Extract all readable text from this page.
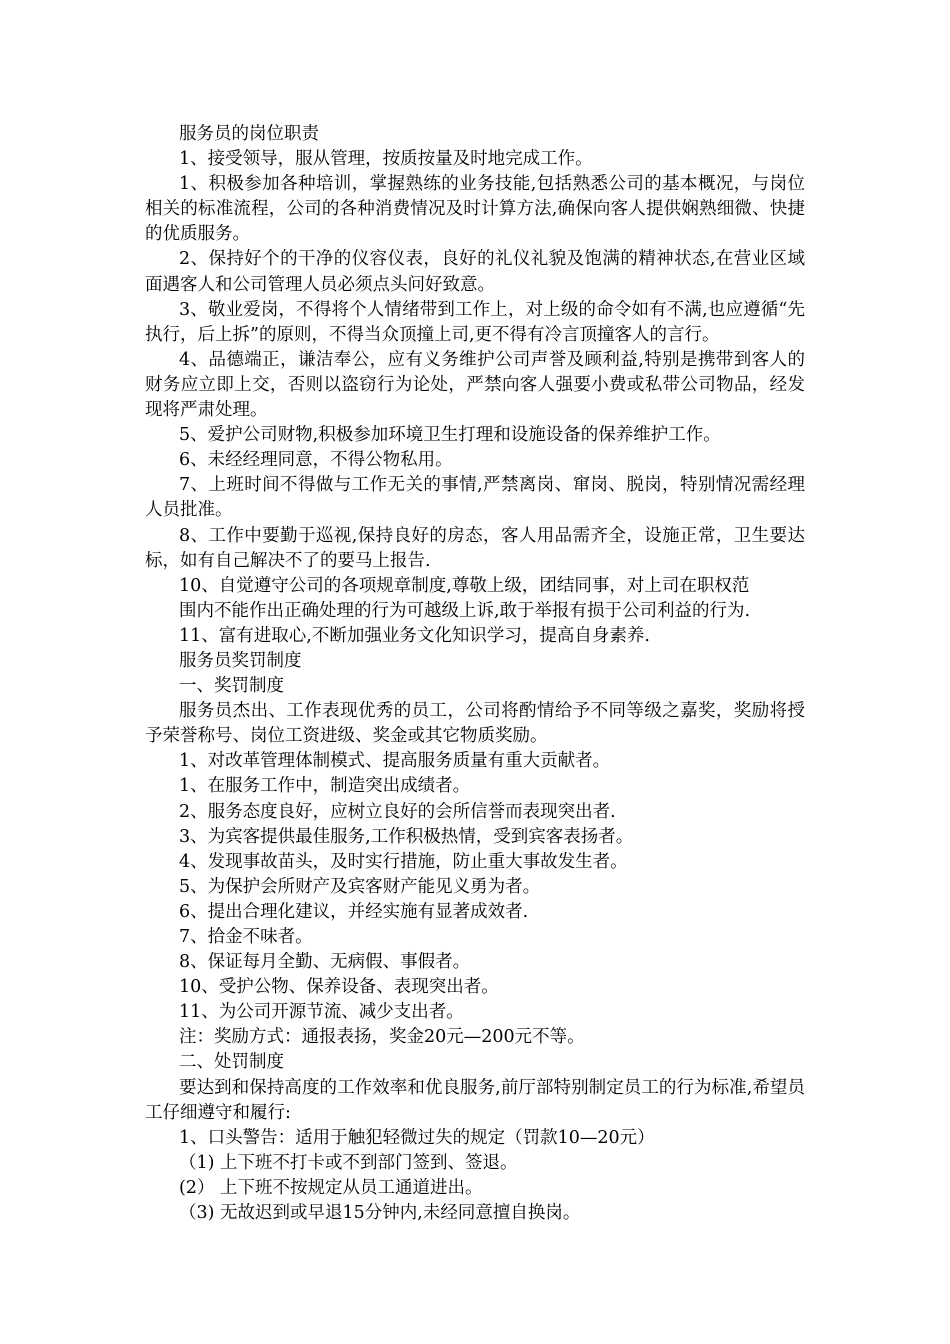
服务员的岗位职责

1、接受领导，服从管理，按质按量及时地完成工作。

1、积极参加各种培训，掌握熟练的业务技能,包括熟悉公司的基本概况，与岗位相关的标准流程，公司的各种消费情况及时计算方法,确保向客人提供娴熟细微、快捷的优质服务。

2、保持好个的干净的仪容仪表，良好的礼仪礼貌及饱满的精神状态,在营业区域面遇客人和公司管理人员必须点头问好致意。

3、敬业爱岗，不得将个人情绪带到工作上，对上级的命令如有不满,也应遵循“先执行，后上拆”的原则，不得当众顶撞上司,更不得有冷言顶撞客人的言行。

4、品德端正，谦洁奉公，应有义务维护公司声誉及顾利益,特别是携带到客人的财务应立即上交，否则以盗窃行为论处，严禁向客人强要小费或私带公司物品，经发现将严肃处理。

5、爱护公司财物,积极参加环境卫生打理和设施设备的保养维护工作。

6、未经经理同意，不得公物私用。

7、上班时间不得做与工作无关的事情,严禁离岗、窜岗、脱岗，特别情况需经理人员批准。

8、工作中要勤于巡视,保持良好的房态，客人用品需齐全，设施正常，卫生要达标，如有自己解决不了的要马上报告.

10、自觉遵守公司的各项规章制度,尊敬上级，团结同事，对上司在职权范

围内不能作出正确处理的行为可越级上诉,敢于举报有损于公司利益的行为.

11、富有进取心,不断加强业务文化知识学习，提高自身素养.

服务员奖罚制度

一、奖罚制度

服务员杰出、工作表现优秀的员工，公司将酌情给予不同等级之嘉奖，奖励将授予荣誉称号、岗位工资进级、奖金或其它物质奖励。

1、对改革管理体制模式、提高服务质量有重大贡献者。

1、在服务工作中，制造突出成绩者。

2、服务态度良好，应树立良好的会所信誉而表现突出者.

3、为宾客提供最佳服务,工作积极热情，受到宾客表扬者。

4、发现事故苗头，及时实行措施，防止重大事故发生者。

5、为保护会所财产及宾客财产能见义勇为者。

6、提出合理化建议，并经实施有显著成效者.

7、拾金不味者。

8、保证每月全勤、无病假、事假者。

10、受护公物、保养设备、表现突出者。

11、为公司开源节流、减少支出者。

注：奖励方式：通报表扬，奖金20元—200元不等。

二、处罚制度

要达到和保持高度的工作效率和优良服务,前厅部特别制定员工的行为标准,希望员工仔细遵守和履行:

1、口头警告：适用于触犯轻微过失的规定（罚款10—20元）

（1) 上下班不打卡或不到部门签到、签退。

(2） 上下班不按规定从员工通道进出。

（3) 无故迟到或早退15分钟内,未经同意擅自换岗。
